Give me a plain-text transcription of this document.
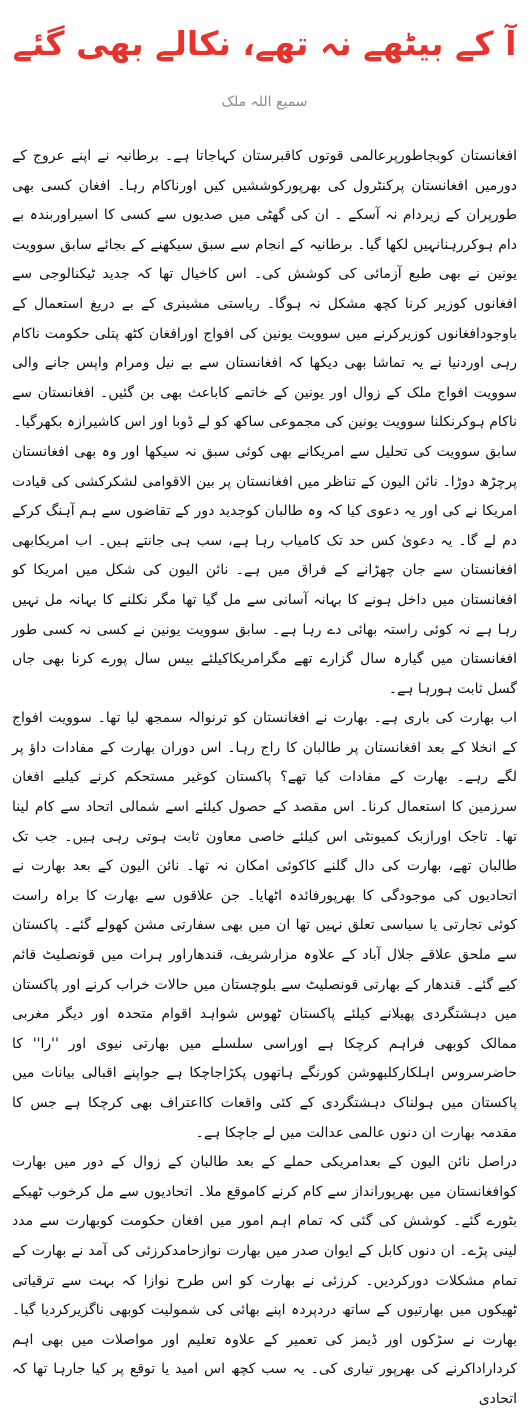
آ کے بیٹھے نہ تھے، نکالے بھی گئے
سمیع اللہ ملک

افغانستان کوبجاطورپرعالمی قوتوں کاقبرستان کہاجاتا ہے۔ برطانیہ نے اپنے عروج کے دورمیں افغانستان پرکنٹرول کی بھرپورکوششیں کیں اورناکام رہا۔ افغان کسی بھی طورپران کے زیردام نہ آسکے ۔ ان کی گھٹی میں صدیوں سے کسی کا اسیراوربندہ بے دام ہوکررہنانہیں لکھا گیا۔ برطانیہ کے انجام سے سبق سیکھنے کے بجائے سابق سوویت یونین نے بھی طبع آزمائی کی کوشش کی۔ اس کاخیال تھا کہ جدید ٹیکنالوجی سے افغانوں کوزیر کرنا کچھ مشکل نہ ہوگا۔ ریاستی مشینری کے بے دریغ استعمال کے باوجودافغانوں کوزیرکرنے میں سوویت یونین کی افواج اورافغان کٹھ پتلی حکومت ناکام رہی اوردنیا نے یہ تماشا بھی دیکھا کہ افغانستان سے بے نیل ومرام واپس جانے والی سوویت افواج ملک کے زوال اور یونین کے خاتمے کاباعث بھی بن گئیں۔ افغانستان سے ناکام ہوکرنکلنا سوویت یونین کی مجموعی ساکھ کو لے ڈوبا اور اس کاشیرازہ بکھرگیا۔

سابق سوویت کی تحلیل سے امریکانے بھی کوئی سبق نہ سیکھا اور وہ بھی افغانستان پرچڑھ دوڑا۔ نائن الیون کے تناظر میں افغانستان پر بین الاقوامی لشکرکشی کی قیادت امریکا نے کی اور یہ دعوی کیا کہ وہ طالبان کوجدید دور کے تقاضوں سے ہم آہنگ کرکے دم لے گا۔ یہ دعویٰ کس حد تک کامیاب رہا ہے، سب ہی جانتے ہیں۔ اب امریکابھی افغانستان سے جان چھڑانے کے فراق میں ہے۔ نائن الیون کی شکل میں امریکا کو افغانستان میں داخل ہونے کا بہانہ آسانی سے مل گیا تھا مگر نکلنے کا بہانہ مل نہیں رہا ہے نہ کوئی راستہ بھائی دے رہا ہے۔ سابق سوویت یونین نے کسی نہ کسی طور افغانستان میں گیارہ سال گزارے تھے مگرامریکاکیلئے بیس سال پورے کرنا بھی جاں گسل ثابت ہورہا ہے۔

اب بھارت کی باری ہے۔ بھارت نے افغانستان کو ترنوالہ سمجھ لیا تھا۔ سوویت افواج کے انخلا کے بعد افغانستان پر طالبان کا راج رہا۔ اس دوران بھارت کے مفادات داؤ پر لگے رہے۔ بھارت کے مفادات کیا تھے؟ پاکستان کوغیر مستحکم کرنے کیلیے افغان سرزمین کا استعمال کرنا۔ اس مقصد کے حصول کیلئے اسے شمالی اتحاد سے کام لینا تھا۔ تاجک اورازبک کمیونٹی اس کیلئے خاصی معاون ثابت ہوتی رہی ہیں۔ جب تک طالبان تھے، بھارت کی دال گلنے کاکوئی امکان نہ تھا۔ نائن الیون کے بعد بھارت نے اتحادیوں کی موجودگی کا بھرپورفائدہ اٹھایا۔ جن علاقوں سے بھارت کا براہ راست کوئی تجارتی یا سیاسی تعلق نہیں تھا ان میں بھی سفارتی مشن کھولے گئے۔ پاکستان سے ملحق علاقے جلال آباد کے علاوہ مزارشریف، قندھاراور ہرات میں قونصلیٹ قائم کیے گئے۔ قندھار کے بھارتی قونصلیٹ سے بلوچستان میں حالات خراب کرنے اور پاکستان میں دہشتگردی پھیلانے کیلئے پاکستان ٹھوس شواہد اقوام متحدہ اور دیگر مغربی ممالک کوبھی فراہم کرچکا ہے اوراسی سلسلے میں بھارتی نیوی اور ''را'' کا حاضرسروس اہلکارکلبھوشن کورنگے ہاتھوں پکڑاجاچکا ہے جواپنے اقبالی بیانات میں پاکستان میں ہولناک دہشتگردی کے کئی واقعات کااعتراف بھی کرچکا ہے جس کا مقدمہ بھارت ان دنوں عالمی عدالت میں لے جاچکا ہے۔

دراصل نائن الیون کے بعدامریکی حملے کے بعد طالبان کے زوال کے دور میں بھارت کوافغانستان میں بھرپورانداز سے کام کرنے کاموقع ملا۔ اتحادیوں سے مل کرخوب ٹھیکے بٹورے گئے۔ کوشش کی گئی کہ تمام اہم امور میں افغان حکومت کوبھارت سے مدد لینی پڑے۔ ان دنوں کابل کے ایوان صدر میں بھارت نوازحامدکرزئی کی آمد نے بھارت کے تمام مشکلات دورکردیں۔ کرزئی نے بھارت کو اس طرح نوازا کہ بہت سے ترقیاتی ٹھیکوں میں بھارتیوں کے ساتھ دردپردہ اپنے بھائی کی شمولیت کوبھی ناگزیرکردیا گیا۔ بھارت نے سڑکوں اور ڈیمز کی تعمیر کے علاوہ تعلیم اور مواصلات میں بھی اہم کرداراداکرنے کی بھرپور تیاری کی۔ یہ سب کچھ اس امید یا توقع پر کیا جارہا تھا کہ اتحادی
